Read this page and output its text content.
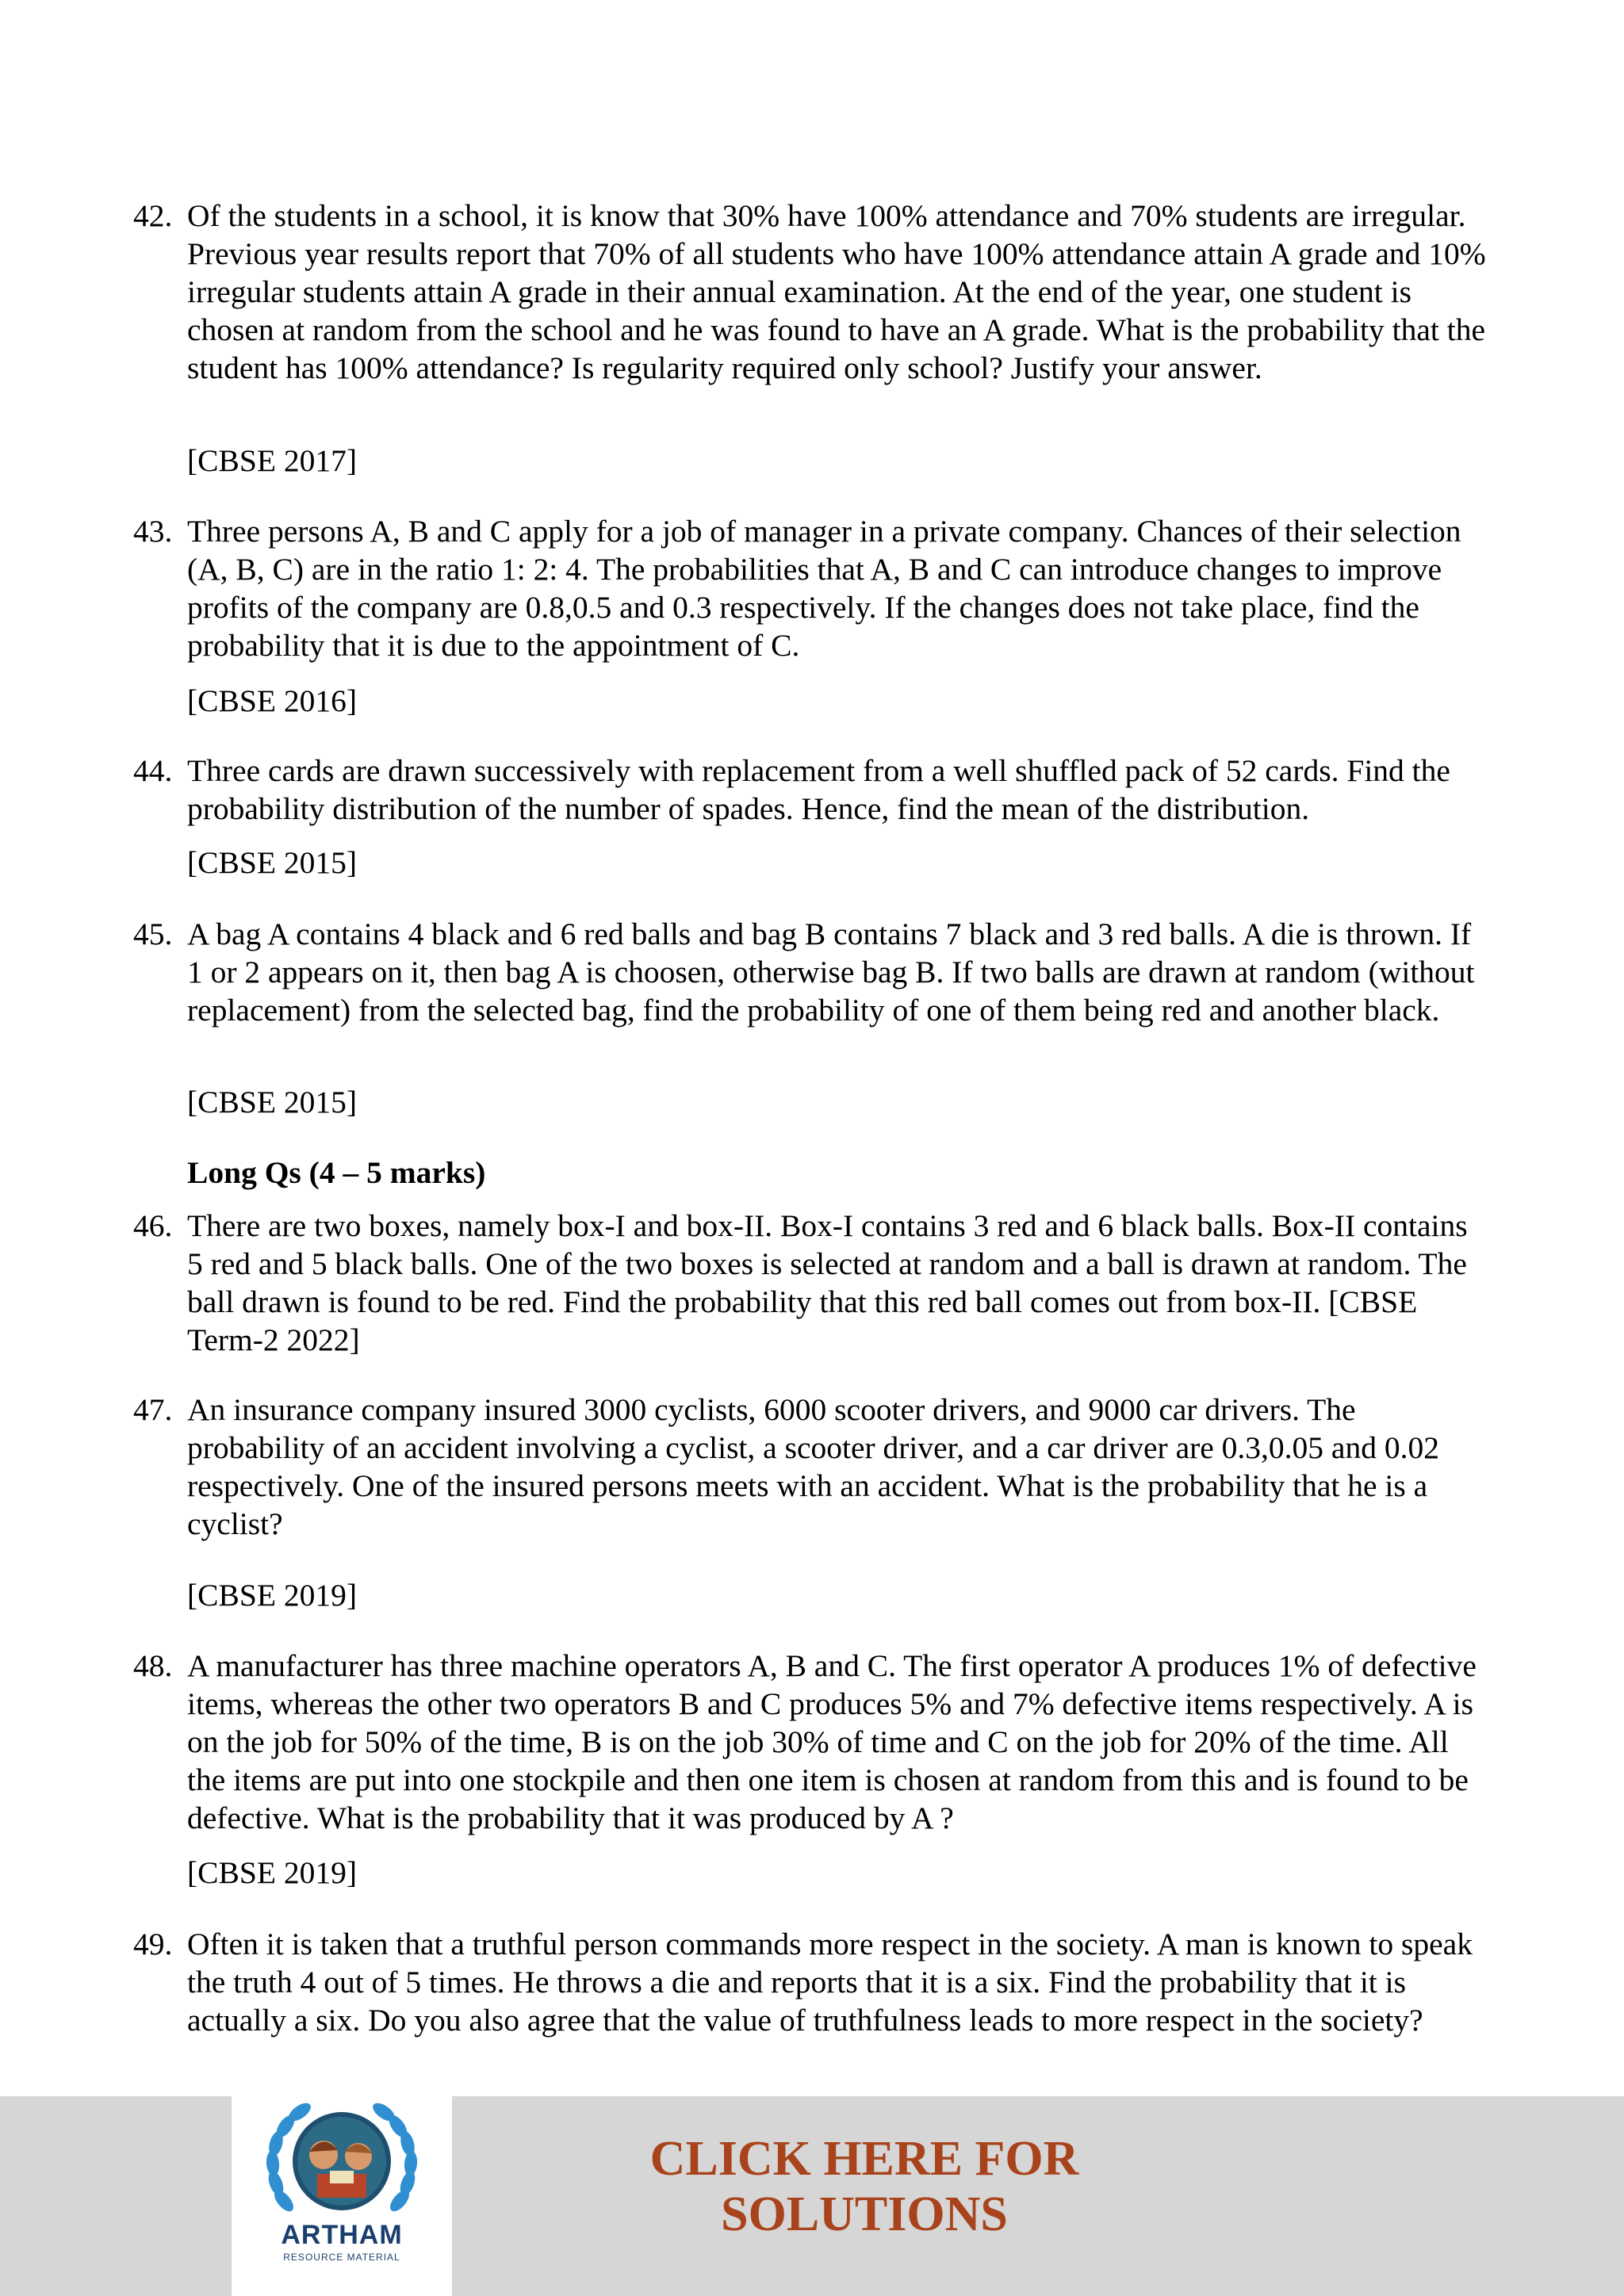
42. Of the students in a school, it is know that 30% have 100% attendance and 70% students are irregular. Previous year results report that 70% of all students who have 100% attendance attain A grade and 10% irregular students attain A grade in their annual examination. At the end of the year, one student is chosen at random from the school and he was found to have an A grade. What is the probability that the student has 100% attendance? Is regularity required only school? Justify your answer.
[CBSE 2017]
43. Three persons A, B and C apply for a job of manager in a private company. Chances of their selection (A, B, C) are in the ratio 1: 2: 4. The probabilities that A, B and C can introduce changes to improve profits of the company are 0.8,0.5 and 0.3 respectively. If the changes does not take place, find the probability that it is due to the appointment of C.
[CBSE 2016]
44. Three cards are drawn successively with replacement from a well shuffled pack of 52 cards. Find the probability distribution of the number of spades. Hence, find the mean of the distribution.
[CBSE 2015]
45. A bag A contains 4 black and 6 red balls and bag B contains 7 black and 3 red balls. A die is thrown. If 1 or 2 appears on it, then bag A is choosen, otherwise bag B. If two balls are drawn at random (without replacement) from the selected bag, find the probability of one of them being red and another black.
[CBSE 2015]
Long Qs (4 – 5 marks)
46. There are two boxes, namely box-I and box-II. Box-I contains 3 red and 6 black balls. Box-II contains 5 red and 5 black balls. One of the two boxes is selected at random and a ball is drawn at random. The ball drawn is found to be red. Find the probability that this red ball comes out from box-II. [CBSE Term-2 2022]
47. An insurance company insured 3000 cyclists, 6000 scooter drivers, and 9000 car drivers. The probability of an accident involving a cyclist, a scooter driver, and a car driver are 0.3,0.05 and 0.02 respectively. One of the insured persons meets with an accident. What is the probability that he is a cyclist?
[CBSE 2019]
48. A manufacturer has three machine operators A, B and C. The first operator A produces 1% of defective items, whereas the other two operators B and C produces 5% and 7% defective items respectively. A is on the job for 50% of the time, B is on the job 30% of time and C on the job for 20% of the time. All the items are put into one stockpile and then one item is chosen at random from this and is found to be defective. What is the probability that it was produced by A ?
[CBSE 2019]
49. Often it is taken that a truthful person commands more respect in the society. A man is known to speak the truth 4 out of 5 times. He throws a die and reports that it is a six. Find the probability that it is actually a six. Do you also agree that the value of truthfulness leads to more respect in the society?
ARTHAM
RESOURCE MATERIAL
CLICK HERE FOR
SOLUTIONS
